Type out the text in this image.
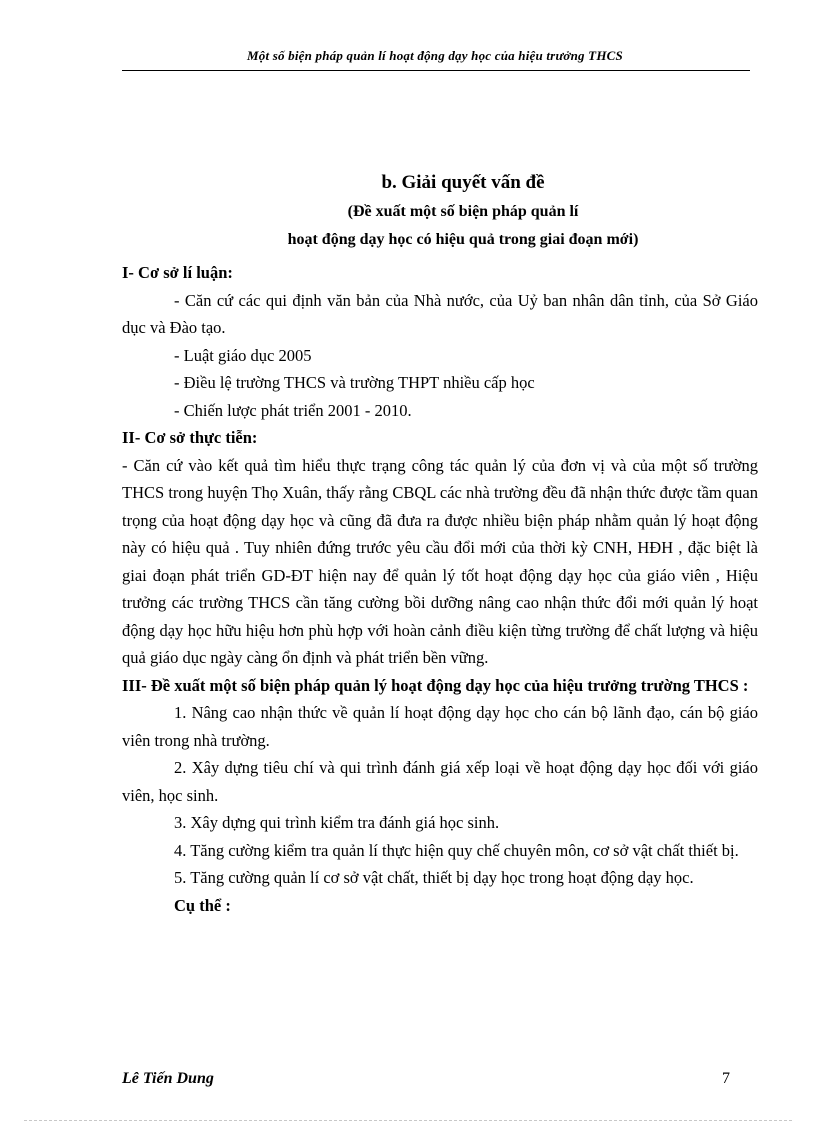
Một số biện pháp quản lí hoạt động dạy học của hiệu trưởng THCS
b. Giải quyết vấn đề
(Đề xuất một số biện pháp quản lí
hoạt động dạy học có hiệu quả trong giai đoạn mới)

I- Cơ sở lí luận:

- Căn cứ các qui định văn bản của Nhà nước, của Uỷ ban nhân dân tỉnh, của Sở Giáo dục và Đào tạo.

- Luật giáo dục 2005

- Điều lệ trường THCS và trường THPT nhiều cấp học

- Chiến lược phát triển 2001 - 2010.

II- Cơ sở thực tiễn:

- Căn cứ vào kết quả tìm hiểu thực trạng công tác quản lý của đơn vị và của một số trường THCS trong huyện Thọ Xuân, thấy rằng CBQL các nhà trường đều đã nhận thức được tầm quan trọng của hoạt động dạy học và cũng đã đưa ra được nhiều biện pháp nhằm quản lý hoạt động này có hiệu quả . Tuy nhiên đứng trước yêu cầu đổi mới của thời kỳ CNH, HĐH , đặc biệt là giai đoạn phát triển GD-ĐT hiện nay để quản lý tốt hoạt động dạy học của giáo viên , Hiệu trưởng các trường THCS cần tăng cường bồi dưỡng nâng cao nhận thức đổi mới quản lý hoạt động dạy học hữu hiệu hơn phù hợp với hoàn cảnh điều kiện từng trường để chất lượng và hiệu quả giáo dục ngày càng ổn định và phát triển bền vững.

III- Đề xuất một số biện pháp quản lý hoạt động dạy học của hiệu trưởng trường THCS :

1. Nâng cao nhận thức về quản lí hoạt động dạy học cho cán bộ lãnh đạo, cán bộ giáo viên trong nhà trường.

2. Xây dựng tiêu chí và qui trình đánh giá xếp loại về hoạt động dạy học đối với giáo viên, học sinh.

3. Xây dựng qui trình kiểm tra đánh giá học sinh.

4. Tăng cường kiểm tra quản lí thực hiện quy chế chuyên môn, cơ sở vật chất thiết bị.

5. Tăng cường quản lí cơ sở vật chất, thiết bị dạy học trong hoạt động dạy học.

Cụ thể :

Lê Tiến Dung	7
